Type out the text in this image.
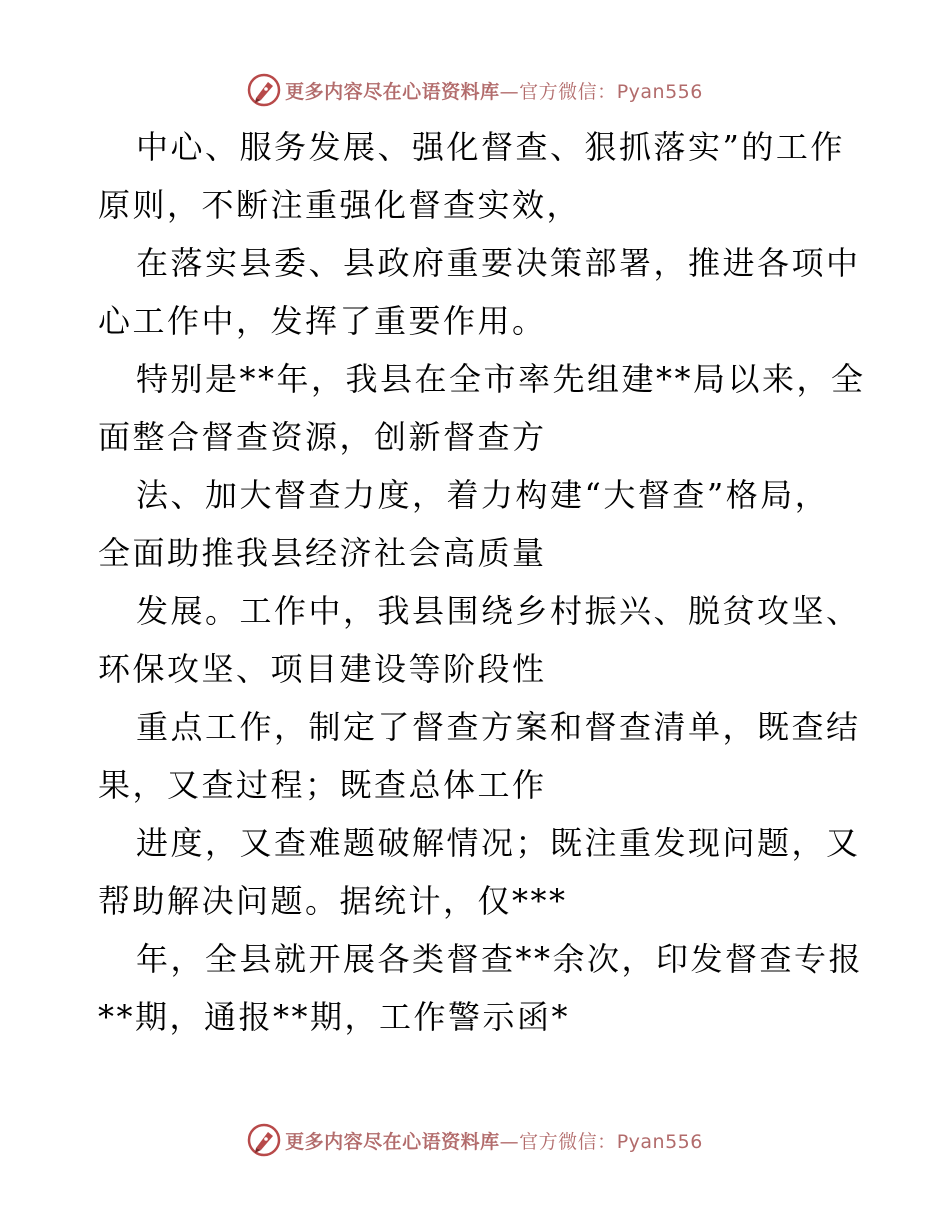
更多内容尽在心语资料库—官方微信：Pyan556
中心、服务发展、强化督查、狠抓落实”的工作
原则，不断注重强化督查实效，
在落实县委、县政府重要决策部署，推进各项中
心工作中，发挥了重要作用。
特别是**年，我县在全市率先组建**局以来，全
面整合督查资源，创新督查方
法、加大督查力度，着力构建“大督查”格局，
全面助推我县经济社会高质量
发展。工作中，我县围绕乡村振兴、脱贫攻坚、
环保攻坚、项目建设等阶段性
重点工作，制定了督查方案和督查清单，既查结
果，又查过程；既查总体工作
进度，又查难题破解情况；既注重发现问题，又
帮助解决问题。据统计，仅***
年，全县就开展各类督查**余次，印发督查专报
**期，通报**期，工作警示函*
更多内容尽在心语资料库—官方微信：Pyan556
